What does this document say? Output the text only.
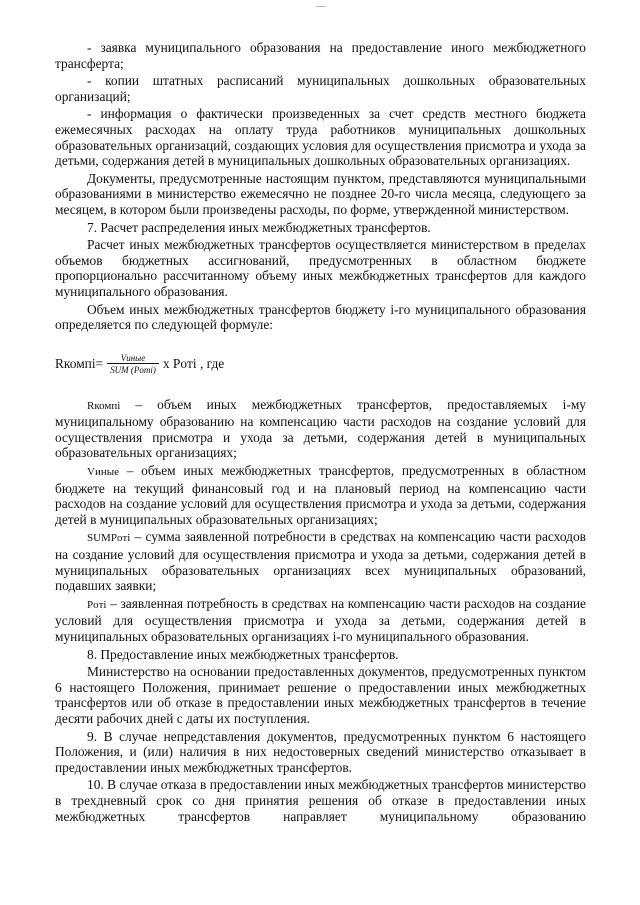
- заявка муниципального образования на предоставление иного межбюджетного трансферта;

- копии штатных расписаний муниципальных дошкольных образовательных организаций;

- информация о фактически произведенных за счет средств местного бюджета ежемесячных расходах на оплату труда работников муниципальных дошкольных образовательных организаций, создающих условия для осуществления присмотра и ухода за детьми, содержания детей в муниципальных дошкольных образовательных организациях.

Документы, предусмотренные настоящим пунктом, представляются муниципальными образованиями в министерство ежемесячно не позднее 20-го числа месяца, следующего за месяцем, в котором были произведены расходы, по форме, утвержденной министерством.

7. Расчет распределения иных межбюджетных трансфертов.

Расчет иных межбюджетных трансфертов осуществляется министерством в пределах объемов бюджетных ассигнований, предусмотренных в областном бюджете пропорционально рассчитанному объему иных межбюджетных трансфертов для каждого муниципального образования.

Объем иных межбюджетных трансфертов бюджету i-го муниципального образования определяется по следующей формуле:

Rкомпi= $\frac{\text{Vиные}}{\text{SUM (Poтi)}}$ x Poтi , где

Rкомпi – объем иных межбюджетных трансфертов, предоставляемых i-му муниципальному образованию на компенсацию части расходов на создание условий для осуществления присмотра и ухода за детьми, содержания детей в муниципальных образовательных организациях;

Vиные – объем иных межбюджетных трансфертов, предусмотренных в областном бюджете на текущий финансовый год и на плановый период на компенсацию части расходов на создание условий для осуществления присмотра и ухода за детьми, содержания детей в муниципальных образовательных организациях;

SUMPoтi – сумма заявленной потребности в средствах на компенсацию части расходов на создание условий для осуществления присмотра и ухода за детьми, содержания детей в муниципальных образовательных организациях всех муниципальных образований, подавших заявки;

Poтi – заявленная потребность в средствах на компенсацию части расходов на создание условий для осуществления присмотра и ухода за детьми, содержания детей в муниципальных образовательных организациях i-го муниципального образования.

8. Предоставление иных межбюджетных трансфертов.

Министерство на основании предоставленных документов, предусмотренных пунктом 6 настоящего Положения, принимает решение о предоставлении иных межбюджетных трансфертов или об отказе в предоставлении иных межбюджетных трансфертов в течение десяти рабочих дней с даты их поступления.

9. В случае непредставления документов, предусмотренных пунктом 6 настоящего Положения, и (или) наличия в них недостоверных сведений министерство отказывает в предоставлении иных межбюджетных трансфертов.

10. В случае отказа в предоставлении иных межбюджетных трансфертов министерство в трехдневный срок со дня принятия решения об отказе в предоставлении иных межбюджетных трансфертов направляет муниципальному образованию
